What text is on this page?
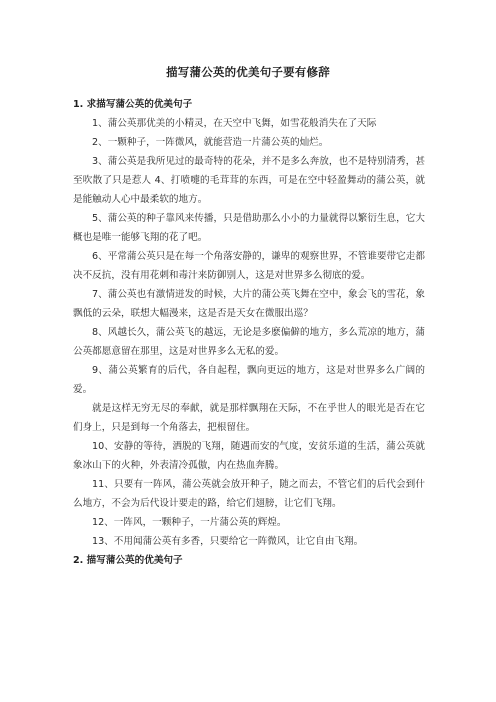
描写蒲公英的优美句子要有修辞
1. 求描写蒲公英的优美句子

1、蒲公英那优美的小精灵，在天空中飞舞，如雪花般消失在了天际

2、一颗种子，一阵微风，就能营造一片蒲公英的灿烂。

3、蒲公英是我所见过的最奇特的花朵，并不是多么奔放，也不是特别清秀，甚至吹散了只是惹人 4、打喷嚏的毛茸茸的东西，可是在空中轻盈舞动的蒲公英，就是能触动人心中最柔软的地方。

5、蒲公英的种子靠风来传播，只是借助那么小小的力量就得以繁衍生息，它大概也是唯一能够飞翔的花了吧。

6、平常蒲公英只是在每一个角落安静的，谦卑的观察世界，不管谁要带它走都决不反抗，没有用花刺和毒汁来防御别人，这是对世界多么彻底的爱。

7、蒲公英也有激情迸发的时候，大片的蒲公英飞舞在空中，象会飞的雪花，象飘低的云朵，联想大幅漫来，这是否是天女在微服出巡？

8、风越长久，蒲公英飞的越远，无论是多麽偏僻的地方，多么荒凉的地方，蒲公英都愿意留在那里，这是对世界多么无私的爱。

9、蒲公英繁育的后代，各自起程，飘向更远的地方，这是对世界多么广阔的爱。

就是这样无穷无尽的奉献，就是那样飘翔在天际，不在乎世人的眼光是否在它们身上，只是到每一个角落去，把根留住。

10、安静的等待，洒脱的飞翔，随遇而安的气度，安贫乐道的生活，蒲公英就象冰山下的火种，外表清冷孤傲，内在热血奔腾。

11、只要有一阵风，蒲公英就会放开种子，随之而去，不管它们的后代会到什么地方，不会为后代设计要走的路，给它们翅膀，让它们飞翔。

12、一阵风，一颗种子，一片蒲公英的辉煌。

13、不用闻蒲公英有多香，只要给它一阵微风，让它自由飞翔。

2. 描写蒲公英的优美句子
